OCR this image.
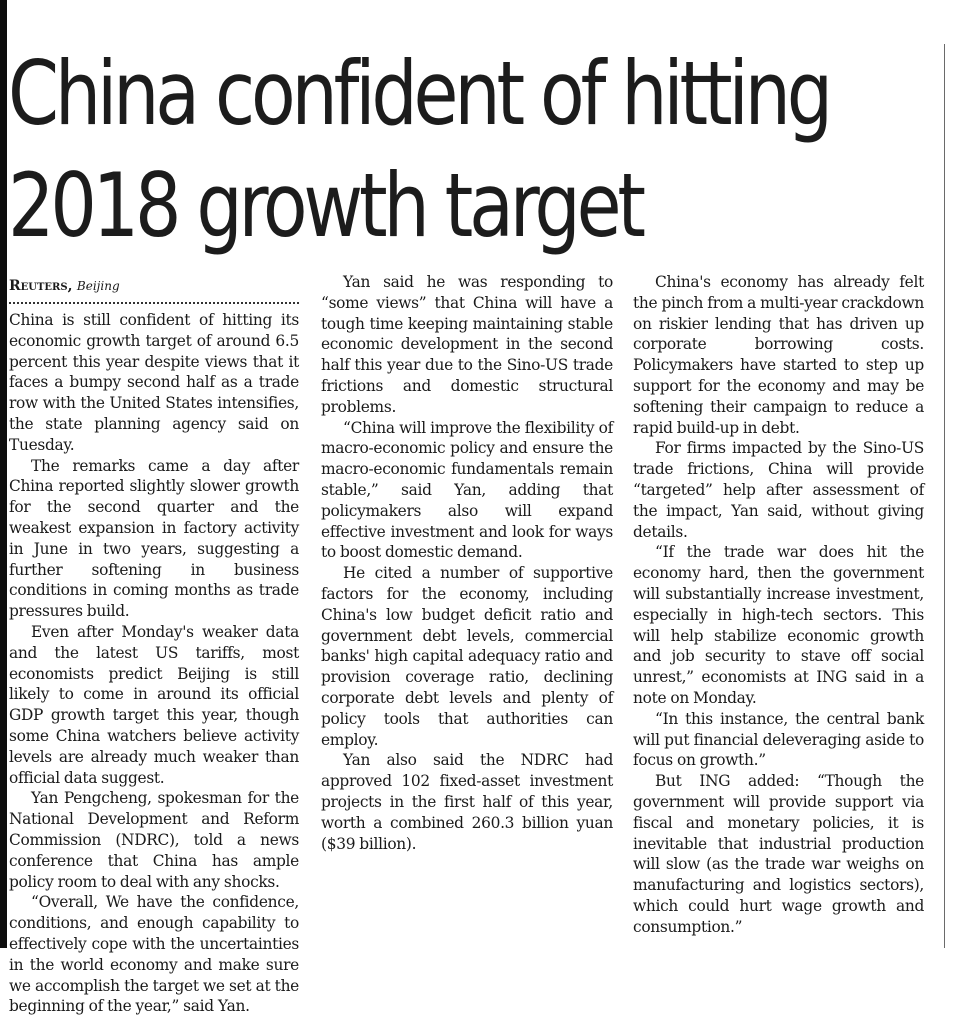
China confident of hitting
2018 growth target
Reuters, Beijing

China is still confident of hitting its economic growth target of around 6.5 percent this year despite views that it faces a bumpy second half as a trade row with the United States intensifies, the state planning agency said on Tuesday.

The remarks came a day after China reported slightly slower growth for the second quarter and the weakest expansion in factory activity in June in two years, suggesting a further softening in business conditions in coming months as trade pressures build.

Even after Monday's weaker data and the latest US tariffs, most economists predict Beijing is still likely to come in around its official GDP growth target this year, though some China watchers believe activity levels are already much weaker than official data suggest.

Yan Pengcheng, spokesman for the National Development and Reform Commission (NDRC), told a news conference that China has ample policy room to deal with any shocks.

“Overall, We have the confidence, conditions, and enough capability to effectively cope with the uncertainties in the world economy and make sure we accomplish the target we set at the beginning of the year,” said Yan.

Yan said he was responding to “some views” that China will have a tough time keeping maintaining stable economic development in the second half this year due to the Sino-US trade frictions and domestic structural problems.

“China will improve the flexibility of macro-economic policy and ensure the macro-economic fundamentals remain stable,” said Yan, adding that policymakers also will expand effective investment and look for ways to boost domestic demand.

He cited a number of supportive factors for the economy, including China's low budget deficit ratio and government debt levels, commercial banks' high capital adequacy ratio and provision coverage ratio, declining corporate debt levels and plenty of policy tools that authorities can employ.

Yan also said the NDRC had approved 102 fixed-asset investment projects in the first half of this year, worth a combined 260.3 billion yuan ($39 billion).

China's economy has already felt the pinch from a multi-year crackdown on riskier lending that has driven up corporate borrowing costs. Policymakers have started to step up support for the economy and may be softening their campaign to reduce a rapid build-up in debt.

For firms impacted by the Sino-US trade frictions, China will provide “targeted” help after assessment of the impact, Yan said, without giving details.

“If the trade war does hit the economy hard, then the government will substantially increase investment, especially in high-tech sectors. This will help stabilize economic growth and job security to stave off social unrest,” economists at ING said in a note on Monday.

“In this instance, the central bank will put financial deleveraging aside to focus on growth.”

But ING added: “Though the government will provide support via fiscal and monetary policies, it is inevitable that industrial production will slow (as the trade war weighs on manufacturing and logistics sectors), which could hurt wage growth and consumption.”
